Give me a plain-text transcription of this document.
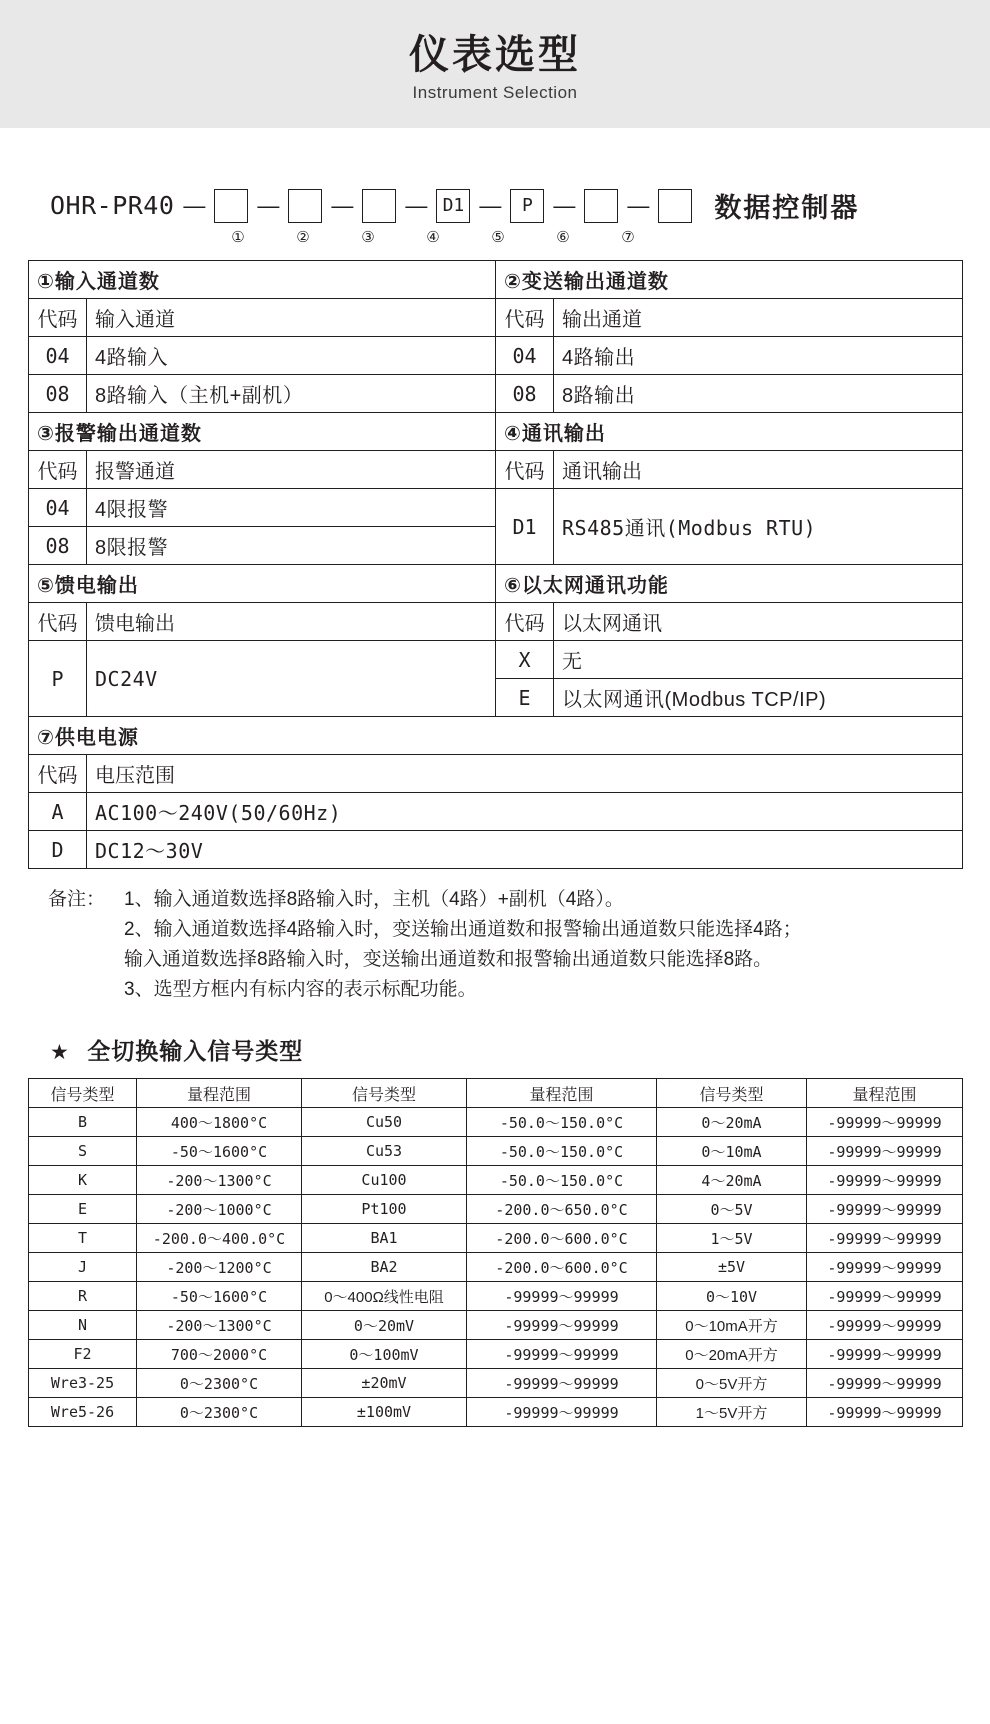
仪表选型
Instrument Selection
OHR-PR40 — — — — D1 —	P — — 数据控制器
①	②	③	④	⑤	⑥	⑦
①输入通道数		②变送输出通道数	
代码	输入通道	代码	输出通道
04	4路输入	04	4路输出
08	8路输入（主机+副机）	08	8路输出
③报警输出通道数		④通讯输出	
代码	报警通道	代码	通讯输出
04	4限报警	D1	RS485通讯(Modbus RTU)
08	8限报警		
⑤馈电输出		⑥以太网通讯功能	
代码	馈电输出	代码	以太网通讯
P	DC24V	X	无
		E	以太网通讯(Modbus TCP/IP)
⑦供电电源			
代码	电压范围		
A	AC100～240V(50/60Hz)		
D	DC12～30V		
备注： 1、输入通道数选择8路输入时，主机（4路）+副机（4路）。
2、输入通道数选择4路输入时，变送输出通道数和报警输出通道数只能选择4路；
输入通道数选择8路输入时，变送输出通道数和报警输出通道数只能选择8路。
3、选型方框内有标内容的表示标配功能。
★ 全切换输入信号类型
信号类型	量程范围	信号类型	量程范围	信号类型	量程范围
B	400～1800°C	Cu50	-50.0～150.0°C	0～20mA	-99999～99999
S	-50～1600°C	Cu53	-50.0～150.0°C	0～10mA	-99999～99999
K	-200～1300°C	Cu100	-50.0～150.0°C	4～20mA	-99999～99999
E	-200～1000°C	Pt100	-200.0～650.0°C	0～5V	-99999～99999
T	-200.0～400.0°C	BA1	-200.0～600.0°C	1～5V	-99999～99999
J	-200～1200°C	BA2	-200.0～600.0°C	±5V	-99999～99999
R	-50～1600°C	0～400Ω线性电阻	-99999～99999	0～10V	-99999～99999
N	-200～1300°C	0～20mV	-99999～99999	0～10mA开方	-99999～99999
F2	700～2000°C	0～100mV	-99999～99999	0～20mA开方	-99999～99999
Wre3-25	0～2300°C	±20mV	-99999～99999	0～5V开方	-99999～99999
Wre5-26	0～2300°C	±100mV	-99999～99999	1～5V开方	-99999～99999
